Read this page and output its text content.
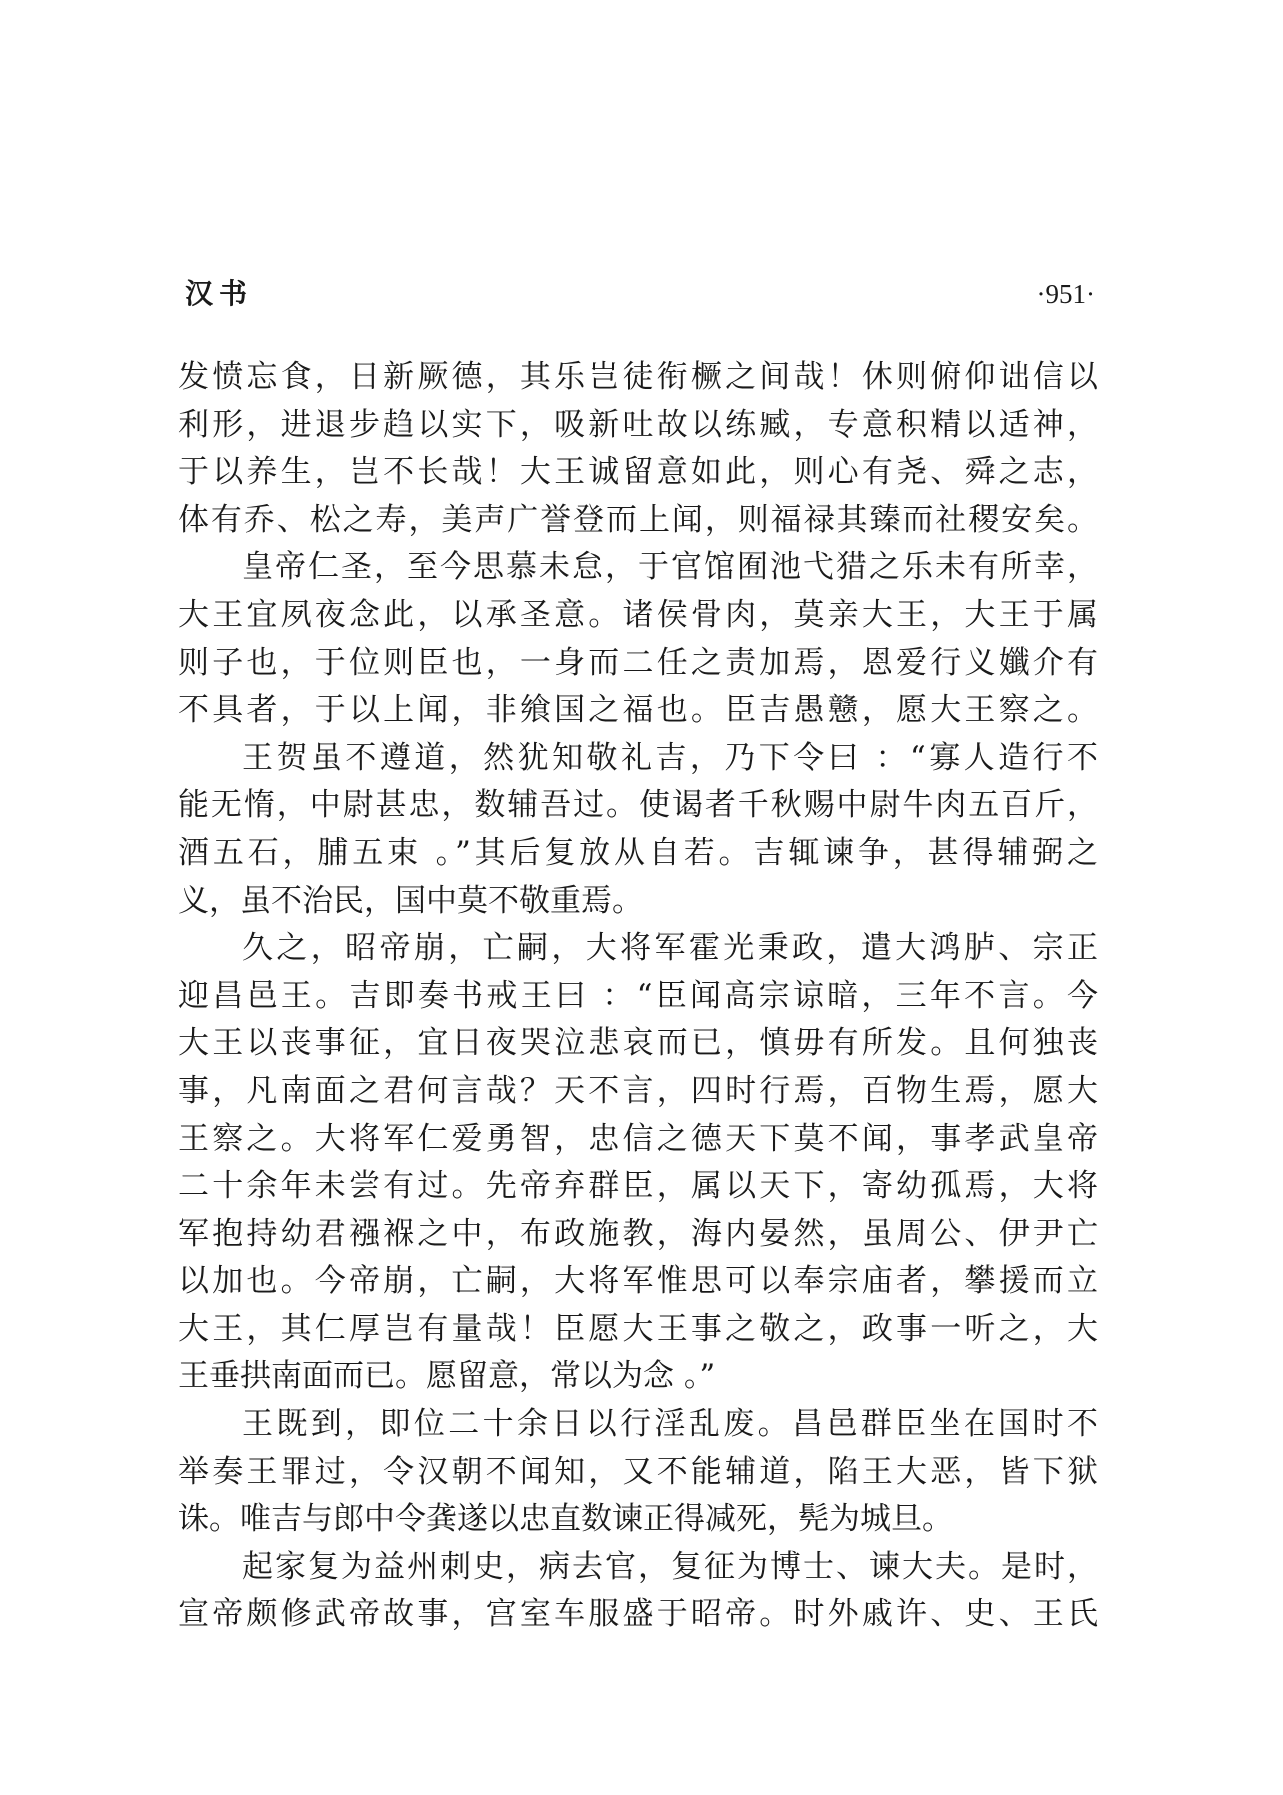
汉书	·951·
发愤忘食，日新厥德，其乐岂徒衔橛之间哉！休则俯仰诎信以
利形，进退步趋以实下，吸新吐故以练臧，专意积精以适神，
于以养生，岂不长哉！大王诚留意如此，则心有尧、舜之志，
体有乔、松之寿，美声广誉登而上闻，则福禄其臻而社稷安矣。
皇帝仁圣，至今思慕未怠，于官馆囿池弋猎之乐未有所幸，
大王宜夙夜念此，以承圣意。诸侯骨肉，莫亲大王，大王于属
则子也，于位则臣也，一身而二任之责加焉，恩爱行义孅介有
不具者，于以上闻，非飨国之福也。臣吉愚戆，愿大王察之。
王贺虽不遵道，然犹知敬礼吉，乃下令曰 ：“寡人造行不
能无惰，中尉甚忠，数辅吾过。使谒者千秋赐中尉牛肉五百斤，
酒五石，脯五束 。”其后复放从自若。吉辄谏争，甚得辅弼之
义，虽不治民，国中莫不敬重焉。
久之，昭帝崩，亡嗣，大将军霍光秉政，遣大鸿胪、宗正
迎昌邑王。吉即奏书戒王曰 ：“臣闻高宗谅暗，三年不言。今
大王以丧事征，宜日夜哭泣悲哀而已，慎毋有所发。且何独丧
事，凡南面之君何言哉？天不言，四时行焉，百物生焉，愿大
王察之。大将军仁爱勇智，忠信之德天下莫不闻，事孝武皇帝
二十余年未尝有过。先帝弃群臣，属以天下，寄幼孤焉，大将
军抱持幼君襁褓之中，布政施教，海内晏然，虽周公、伊尹亡
以加也。今帝崩，亡嗣，大将军惟思可以奉宗庙者，攀援而立
大王，其仁厚岂有量哉！臣愿大王事之敬之，政事一听之，大
王垂拱南面而已。愿留意，常以为念 。”
王既到，即位二十余日以行淫乱废。昌邑群臣坐在国时不
举奏王罪过，令汉朝不闻知，又不能辅道，陷王大恶，皆下狱
诛。唯吉与郎中令龚遂以忠直数谏正得减死，髡为城旦。
起家复为益州刺史，病去官，复征为博士、谏大夫。是时，
宣帝颇修武帝故事，宫室车服盛于昭帝。时外戚许、史、王氏
